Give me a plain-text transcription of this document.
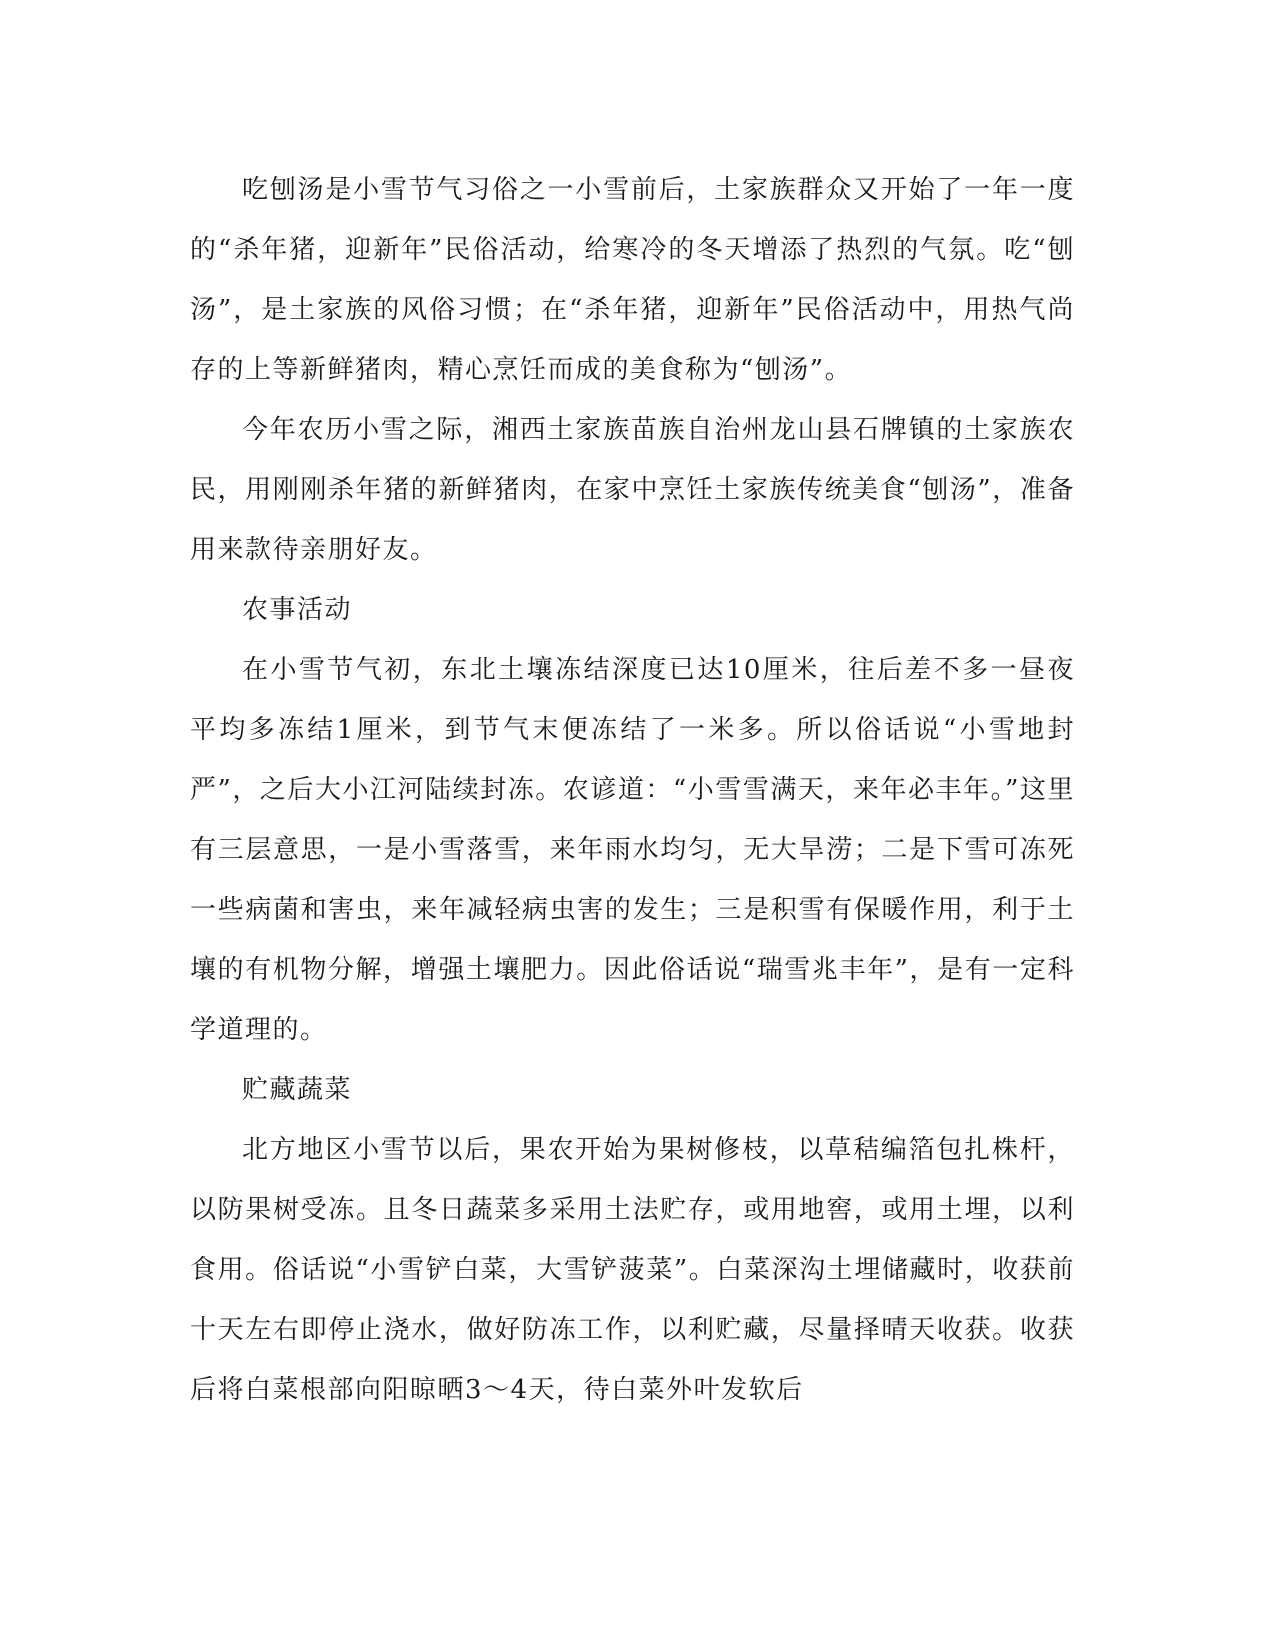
吃刨汤是小雪节气习俗之一小雪前后，土家族群众又开始了一年一度的“杀年猪，迎新年”民俗活动，给寒冷的冬天增添了热烈的气氛。吃“刨汤”，是土家族的风俗习惯；在“杀年猪，迎新年”民俗活动中，用热气尚存的上等新鲜猪肉，精心烹饪而成的美食称为“刨汤”。

今年农历小雪之际，湘西土家族苗族自治州龙山县石牌镇的土家族农民，用刚刚杀年猪的新鲜猪肉，在家中烹饪土家族传统美食“刨汤”，准备用来款待亲朋好友。

农事活动

在小雪节气初，东北土壤冻结深度已达10厘米，往后差不多一昼夜平均多冻结1厘米，到节气末便冻结了一米多。所以俗话说“小雪地封严”，之后大小江河陆续封冻。农谚道：“小雪雪满天，来年必丰年。”这里有三层意思，一是小雪落雪，来年雨水均匀，无大旱涝；二是下雪可冻死一些病菌和害虫，来年减轻病虫害的发生；三是积雪有保暖作用，利于土壤的有机物分解，增强土壤肥力。因此俗话说“瑞雪兆丰年”，是有一定科学道理的。

贮藏蔬菜

北方地区小雪节以后，果农开始为果树修枝，以草秸编箔包扎株杆，以防果树受冻。且冬日蔬菜多采用土法贮存，或用地窖，或用土埋，以利食用。俗话说“小雪铲白菜，大雪铲菠菜”。白菜深沟土埋储藏时，收获前十天左右即停止浇水，做好防冻工作，以利贮藏，尽量择晴天收获。收获后将白菜根部向阳晾晒3～4天，待白菜外叶发软后
